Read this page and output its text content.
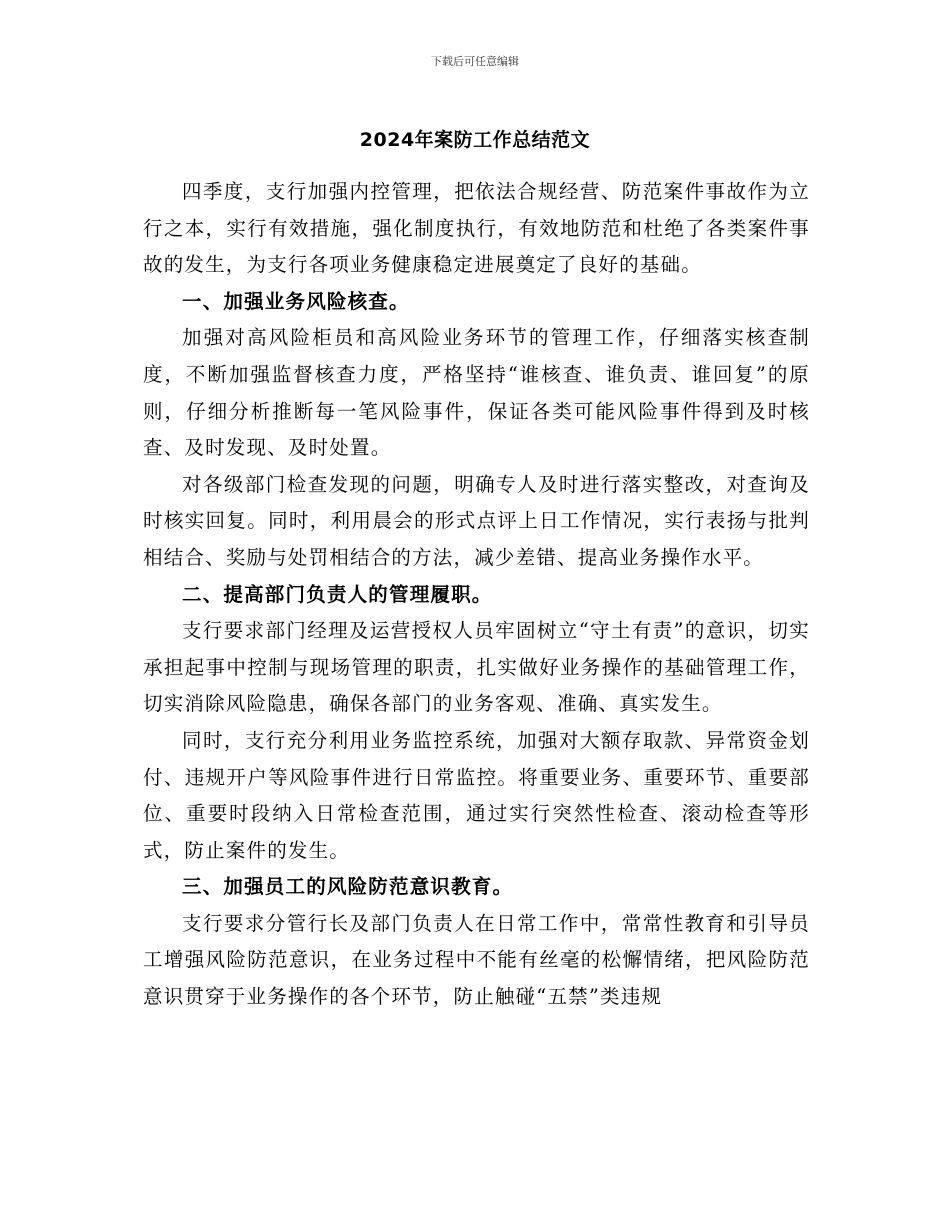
下载后可任意编辑
2024年案防工作总结范文

四季度，支行加强内控管理，把依法合规经营、防范案件事故作为立行之本，实行有效措施，强化制度执行，有效地防范和杜绝了各类案件事故的发生，为支行各项业务健康稳定进展奠定了良好的基础。

一、加强业务风险核查。

加强对高风险柜员和高风险业务环节的管理工作，仔细落实核查制度，不断加强监督核查力度，严格坚持“谁核查、谁负责、谁回复”的原则，仔细分析推断每一笔风险事件，保证各类可能风险事件得到及时核查、及时发现、及时处置。

对各级部门检查发现的问题，明确专人及时进行落实整改，对查询及时核实回复。同时，利用晨会的形式点评上日工作情况，实行表扬与批判相结合、奖励与处罚相结合的方法，减少差错、提高业务操作水平。

二、提高部门负责人的管理履职。

支行要求部门经理及运营授权人员牢固树立“守土有责”的意识，切实承担起事中控制与现场管理的职责，扎实做好业务操作的基础管理工作，切实消除风险隐患，确保各部门的业务客观、准确、真实发生。

同时，支行充分利用业务监控系统，加强对大额存取款、异常资金划付、违规开户等风险事件进行日常监控。将重要业务、重要环节、重要部位、重要时段纳入日常检查范围，通过实行突然性检查、滚动检查等形式，防止案件的发生。

三、加强员工的风险防范意识教育。

支行要求分管行长及部门负责人在日常工作中，常常性教育和引导员工增强风险防范意识，在业务过程中不能有丝毫的松懈情绪，把风险防范意识贯穿于业务操作的各个环节，防止触碰“五禁”类违规
